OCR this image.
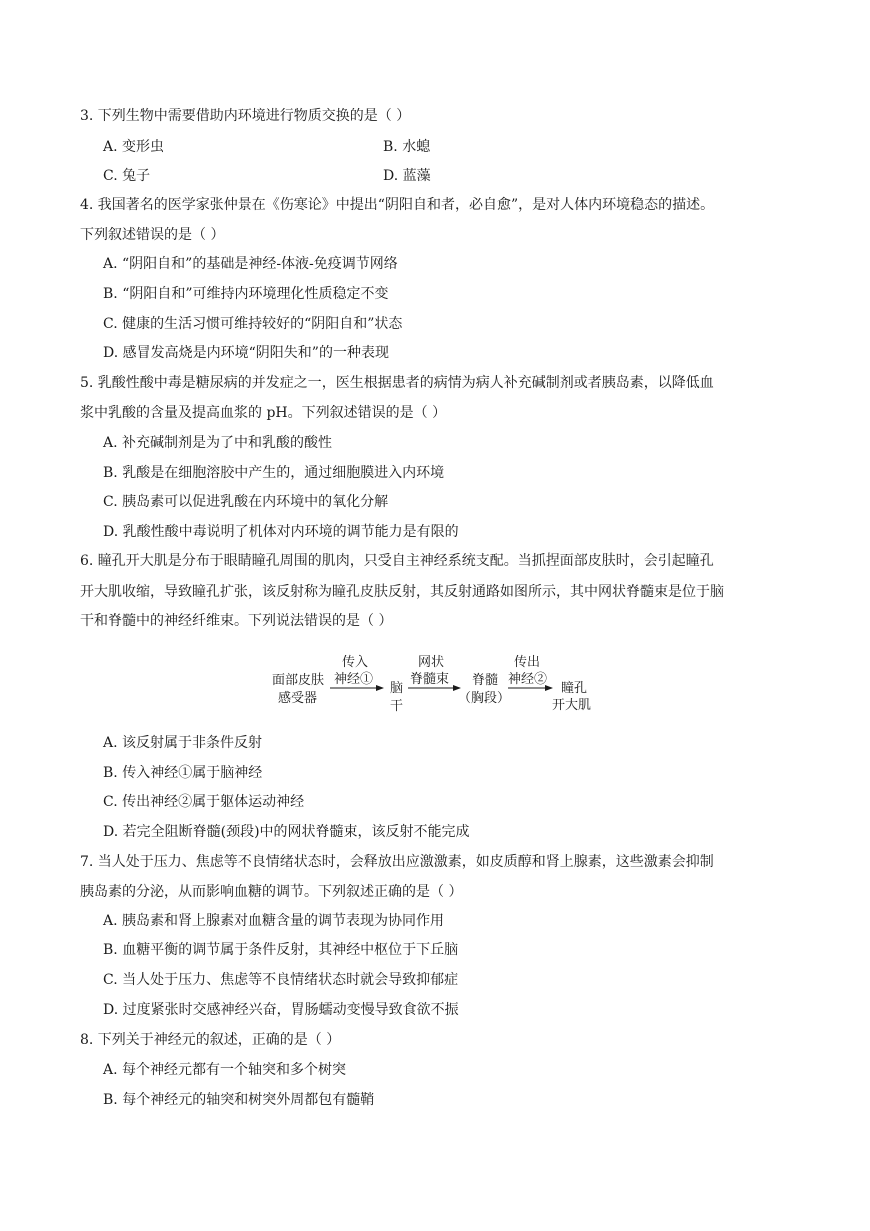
3. 下列生物中需要借助内环境进行物质交换的是（ ）
A. 变形虫	B. 水螅
C. 兔子	D. 蓝藻
4. 我国著名的医学家张仲景在《伤寒论》中提出“阴阳自和者，必自愈”，是对人体内环境稳态的描述。
下列叙述错误的是（ ）
A. “阴阳自和”的基础是神经-体液-免疫调节网络
B. “阴阳自和”可维持内环境理化性质稳定不变
C. 健康的生活习惯可维持较好的“阴阳自和”状态
D. 感冒发高烧是内环境“阴阳失和”的一种表现
5. 乳酸性酸中毒是糖尿病的并发症之一，医生根据患者的病情为病人补充碱制剂或者胰岛素，以降低血
浆中乳酸的含量及提高血浆的 pH。下列叙述错误的是（ ）
A. 补充碱制剂是为了中和乳酸的酸性
B. 乳酸是在细胞溶胶中产生的，通过细胞膜进入内环境
C. 胰岛素可以促进乳酸在内环境中的氧化分解
D. 乳酸性酸中毒说明了机体对内环境的调节能力是有限的
6. 瞳孔开大肌是分布于眼睛瞳孔周围的肌肉，只受自主神经系统支配。当抓捏面部皮肤时，会引起瞳孔
开大肌收缩，导致瞳孔扩张，该反射称为瞳孔皮肤反射，其反射通路如图所示，其中网状脊髓束是位于脑
干和脊髓中的神经纤维束。下列说法错误的是（ ）
面部皮肤
感受器
传入
神经①
脑
干
网状
脊髓束 脊髓
（胸段）
传出
神经②
瞳孔
开大肌
A. 该反射属于非条件反射
B. 传入神经①属于脑神经
C. 传出神经②属于躯体运动神经
D. 若完全阻断脊髓(颈段)中的网状脊髓束，该反射不能完成
7. 当人处于压力、焦虑等不良情绪状态时，会释放出应激激素，如皮质醇和肾上腺素，这些激素会抑制
胰岛素的分泌，从而影响血糖的调节。下列叙述正确的是（ ）
A. 胰岛素和肾上腺素对血糖含量的调节表现为协同作用
B. 血糖平衡的调节属于条件反射，其神经中枢位于下丘脑
C. 当人处于压力、焦虑等不良情绪状态时就会导致抑郁症
D. 过度紧张时交感神经兴奋，胃肠蠕动变慢导致食欲不振
8. 下列关于神经元的叙述，正确的是（ ）
A. 每个神经元都有一个轴突和多个树突
B. 每个神经元的轴突和树突外周都包有髓鞘
